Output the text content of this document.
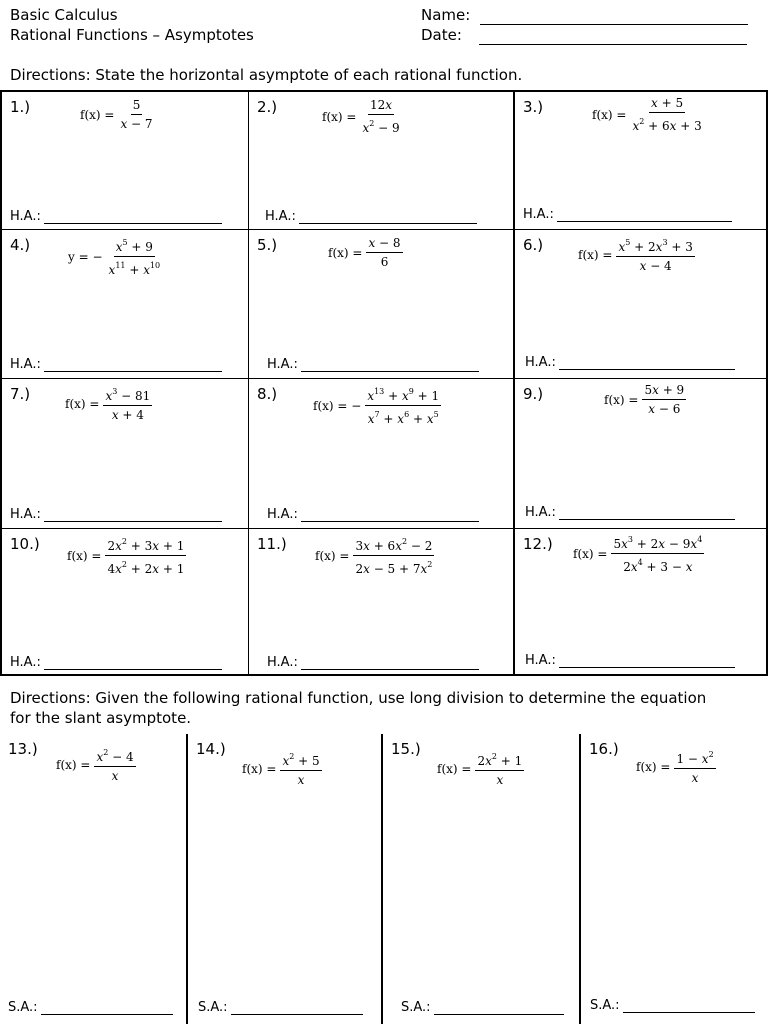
Basic Calculus
Rational Functions – Asymptotes
Name:
Date:
Directions: State the horizontal asymptote of each rational function.
1.)	$f(x) = \frac{5}{x - 7}$
H.A.:
2.)
$f(x) = \frac{12x}{x^2 - 9}$
H.A.:
3.)	$f(x) = \frac{x + 5}{x^2 + 6x + 3}$
H.A.:
4.)
y = − $\frac{x^5 + 9}{x^{11} + x^{10}}$
H.A.:
5.)	$f(x) = \frac{x - 8}{6}$
H.A.:
6.)
$f(x) = \frac{x^5 + 2x^3 + 3}{x - 4}$
H.A.:
7.)
$f(x) = \frac{x^3 - 81}{x + 4}$
H.A.:
8.)
f(x) = − $\frac{x^{13} + x^9 + 1}{x^7 + x^6 + x^5}$
H.A.:
9.)	$f(x) = \frac{5x + 9}{x - 6}$
H.A.:
10.)
$f(x) = \frac{2x^2 + 3x + 1}{4x^2 + 2x + 1}$
H.A.:
11.)
$f(x) = \frac{3x + 6x^2 - 2}{2x - 5 + 7x^2}$
H.A.:
12.)
$f(x) = \frac{5x^3 + 2x - 9x^4}{2x^4 + 3 - x}$
H.A.:
Directions: Given the following rational function, use long division to determine the equation
for the slant asymptote.
13.)
$f(x) = \frac{x^2 - 4}{x}$
S.A.:
14.)
$f(x) = \frac{x^2 + 5}{x}$
S.A.:
15.)
$f(x) = \frac{2x^2 + 1}{x}$
S.A.:
16.)
$f(x) = \frac{1 - x^2}{x}$
S.A.:
